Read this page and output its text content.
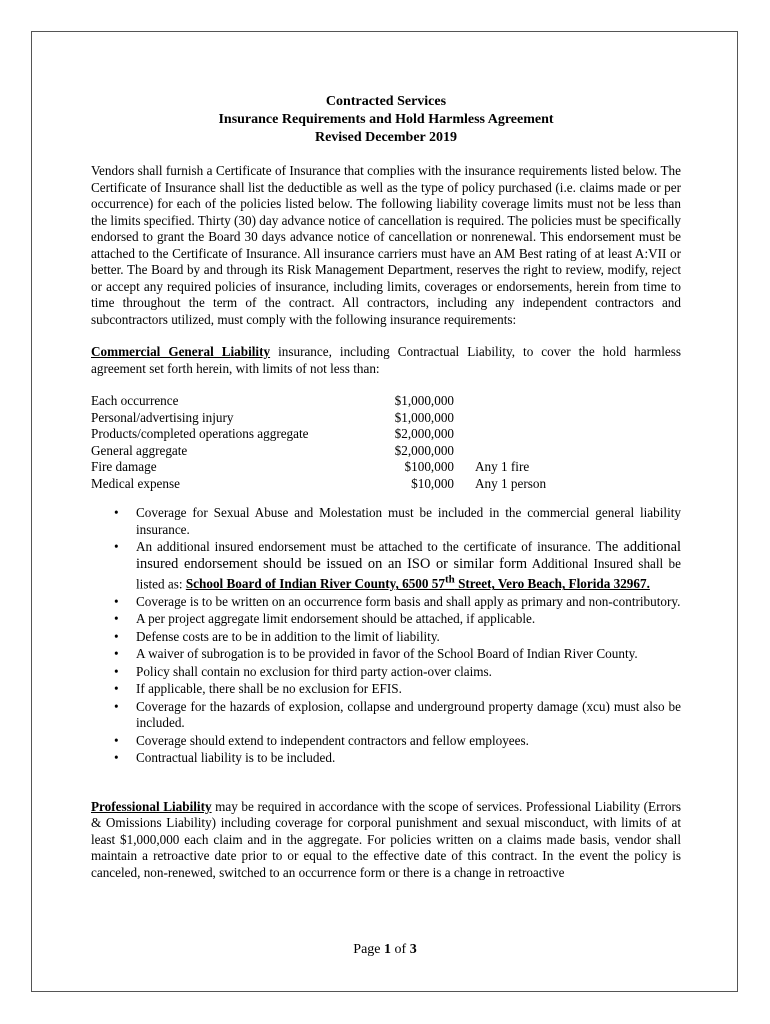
Contracted Services
Insurance Requirements and Hold Harmless Agreement
Revised December 2019

Vendors shall furnish a Certificate of Insurance that complies with the insurance requirements listed below. The Certificate of Insurance shall list the deductible as well as the type of policy purchased (i.e. claims made or per occurrence) for each of the policies listed below. The following liability coverage limits must not be less than the limits specified. Thirty (30) day advance notice of cancellation is required. The policies must be specifically endorsed to grant the Board 30 days advance notice of cancellation or nonrenewal. This endorsement must be attached to the Certificate of Insurance. All insurance carriers must have an AM Best rating of at least A:VII or better. The Board by and through its Risk Management Department, reserves the right to review, modify, reject or accept any required policies of insurance, including limits, coverages or endorsements, herein from time to time throughout the term of the contract. All contractors, including any independent contractors and subcontractors utilized, must comply with the following insurance requirements:

Commercial General Liability insurance, including Contractual Liability, to cover the hold harmless agreement set forth herein, with limits of not less than:

Each occurrence	$1,000,000
Personal/advertising injury	$1,000,000
Products/completed operations aggregate	$2,000,000
General aggregate	$2,000,000
Fire damage	$100,000 Any 1 fire
Medical expense	$10,000 Any 1 person
• Coverage for Sexual Abuse and Molestation must be included in the commercial general liability insurance.
• An additional insured endorsement must be attached to the certificate of insurance. The additional insured endorsement should be issued on an ISO or similar form Additional Insured shall be listed as: School Board of Indian River County, 6500 57th Street, Vero Beach, Florida 32967.
• Coverage is to be written on an occurrence form basis and shall apply as primary and non-contributory.
• A per project aggregate limit endorsement should be attached, if applicable.
• Defense costs are to be in addition to the limit of liability.
• A waiver of subrogation is to be provided in favor of the School Board of Indian River County.
• Policy shall contain no exclusion for third party action-over claims.
• If applicable, there shall be no exclusion for EFIS.
• Coverage for the hazards of explosion, collapse and underground property damage (xcu) must also be included.
• Coverage should extend to independent contractors and fellow employees.
• Contractual liability is to be included.

Professional Liability may be required in accordance with the scope of services. Professional Liability (Errors & Omissions Liability) including coverage for corporal punishment and sexual misconduct, with limits of at least $1,000,000 each claim and in the aggregate. For policies written on a claims made basis, vendor shall maintain a retroactive date prior to or equal to the effective date of this contract. In the event the policy is canceled, non-renewed, switched to an occurrence form or there is a change in retroactive

Page 1 of 3
